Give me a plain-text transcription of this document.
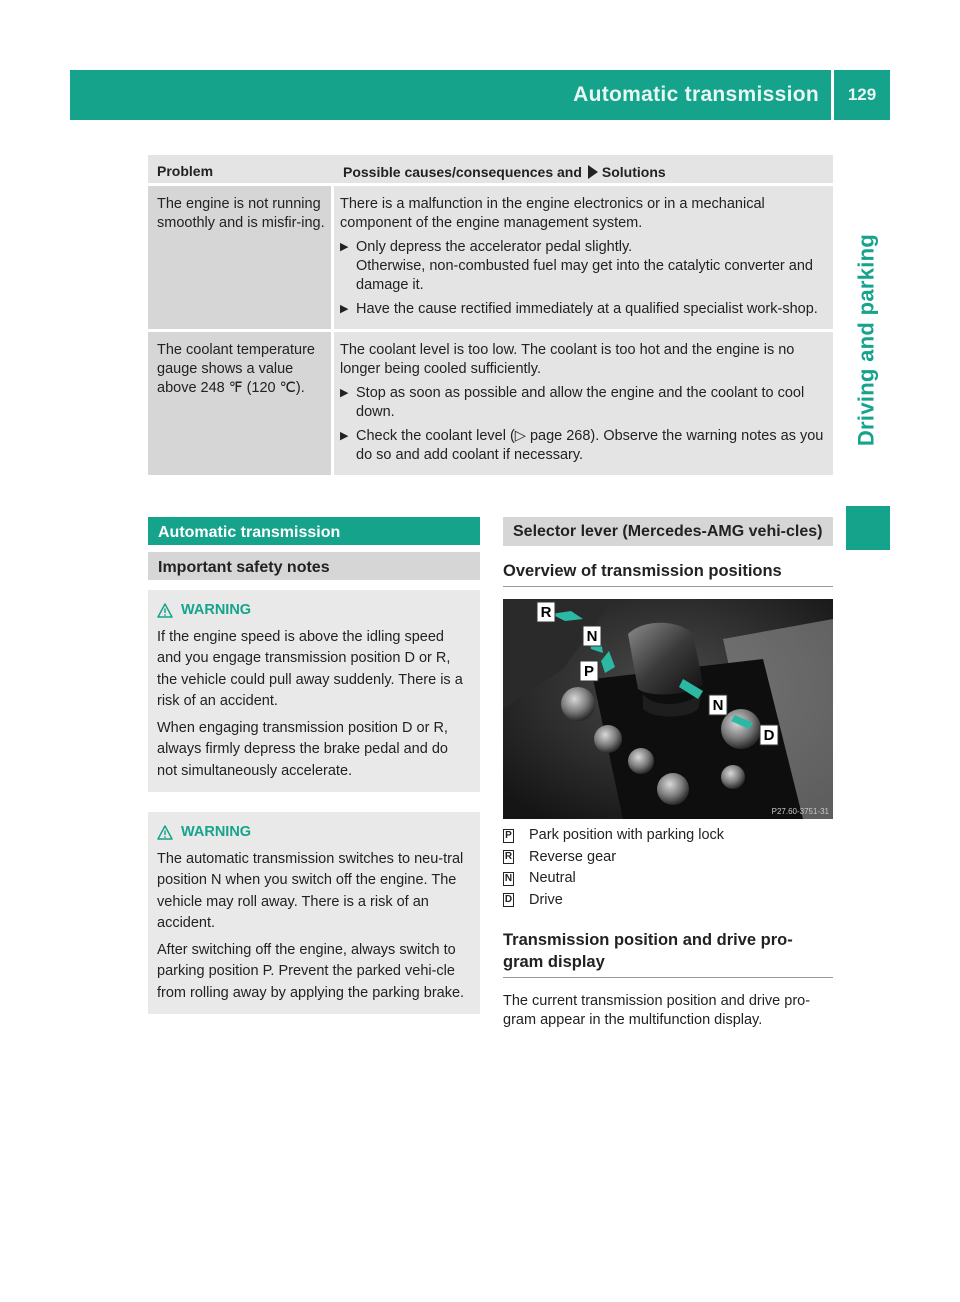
Automatic transmission	129
Driving and parking
Problem	Possible causes/consequences and Solutions
The engine is not running smoothly and is misfir-ing.
There is a malfunction in the engine electronics or in a mechanical component of the engine management system.
▶ Only depress the accelerator pedal slightly.
Otherwise, non-combusted fuel may get into the catalytic converter and damage it.
▶ Have the cause rectified immediately at a qualified specialist work-shop.
The coolant temperature gauge shows a value above 248 ℉ (120 ℃).
The coolant level is too low. The coolant is too hot and the engine is no longer being cooled sufficiently.
▶ Stop as soon as possible and allow the engine and the coolant to cool down.
▶ Check the coolant level (▷ page 268). Observe the warning notes as you do so and add coolant if necessary.
Automatic transmission
Important safety notes
WARNING

If the engine speed is above the idling speed and you engage transmission position D or R, the vehicle could pull away suddenly. There is a risk of an accident.

When engaging transmission position D or R, always firmly depress the brake pedal and do not simultaneously accelerate.

WARNING

The automatic transmission switches to neu-tral position N when you switch off the engine. The vehicle may roll away. There is a risk of an accident.

After switching off the engine, always switch to parking position P. Prevent the parked vehi-cle from rolling away by applying the parking brake.

Selector lever (Mercedes-AMG vehi-cles)
Overview of transmission positions
R
N
P
N
D
P27.60-3751-31
P Park position with parking lock
R Reverse gear
N Neutral
D Drive
Transmission position and drive pro-gram display
The current transmission position and drive pro-gram appear in the multifunction display.
